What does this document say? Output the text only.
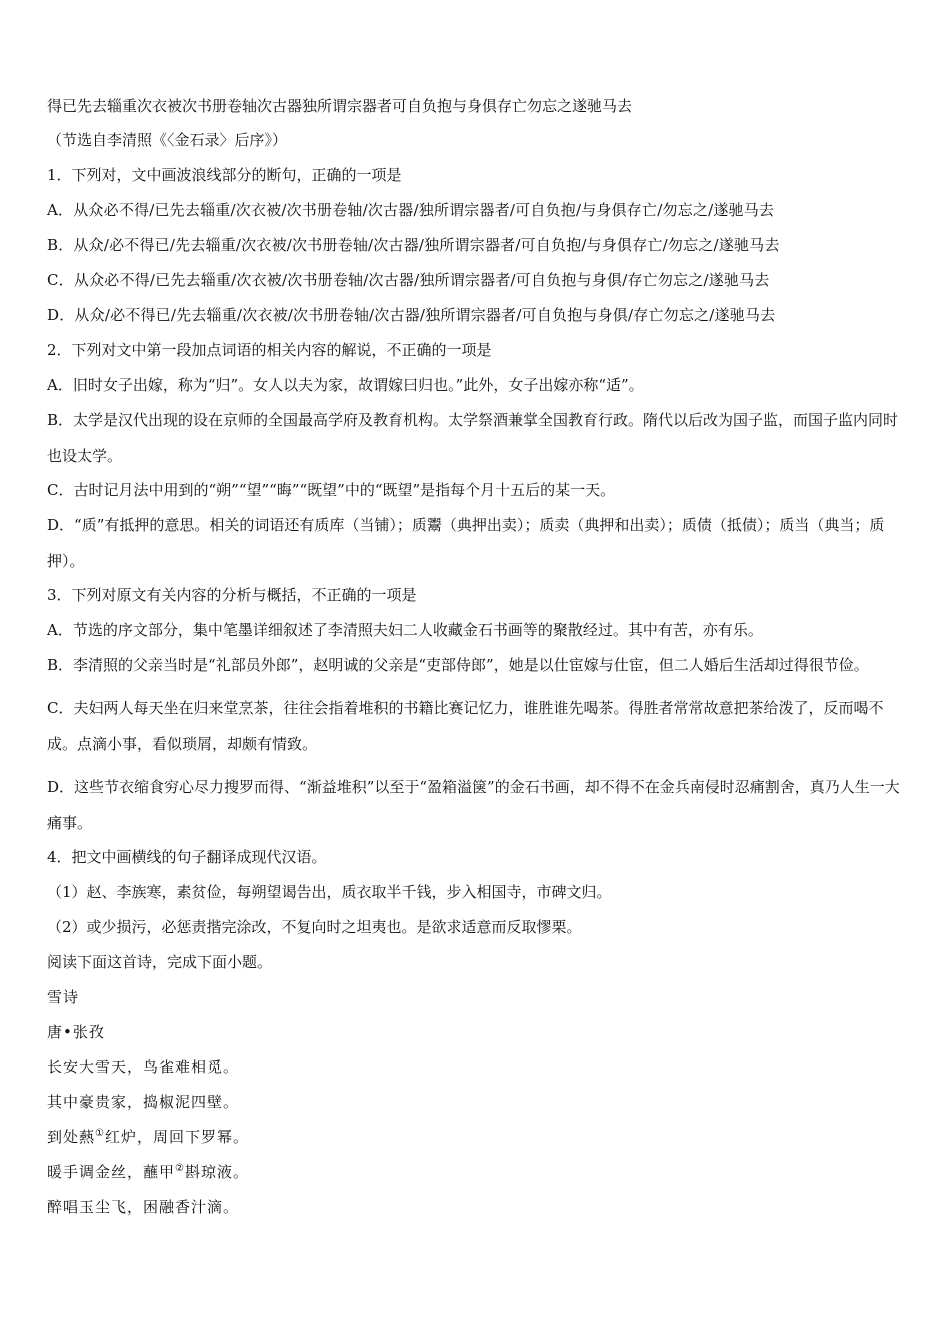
得已先去辎重次衣被次书册卷轴次古器独所谓宗器者可自负抱与身俱存亡勿忘之遂驰马去

（节选自李清照《〈金石录〉后序》）

1．下列对，文中画波浪线部分的断句，正确的一项是

A．从众必不得/已先去辎重/次衣被/次书册卷轴/次古器/独所谓宗器者/可自负抱/与身俱存亡/勿忘之/遂驰马去

B．从众/必不得已/先去辎重/次衣被/次书册卷轴/次古器/独所谓宗器者/可自负抱/与身俱存亡/勿忘之/遂驰马去

C．从众必不得/已先去辎重/次衣被/次书册卷轴/次古器/独所谓宗器者/可自负抱与身俱/存亡勿忘之/遂驰马去

D．从众/必不得已/先去辎重/次衣被/次书册卷轴/次古器/独所谓宗器者/可自负抱与身俱/存亡勿忘之/遂驰马去

2．下列对文中第一段加点词语的相关内容的解说，不正确的一项是

A．旧时女子出嫁，称为“归”。女人以夫为家，故谓嫁曰归也。”此外，女子出嫁亦称“适”。

B．太学是汉代出现的设在京师的全国最高学府及教育机构。太学祭酒兼掌全国教育行政。隋代以后改为国子监，而国子监内同时也设太学。

C．古时记月法中用到的“朔”“望”“晦”“既望”中的“既望”是指每个月十五后的某一天。

D．“质”有抵押的意思。相关的词语还有质库（当铺）；质鬻（典押出卖）；质卖（典押和出卖）；质债（抵债）；质当（典当；质押）。

3．下列对原文有关内容的分析与概括，不正确的一项是

A．节选的序文部分，集中笔墨详细叙述了李清照夫妇二人收藏金石书画等的聚散经过。其中有苦，亦有乐。

B．李清照的父亲当时是“礼部员外郎”，赵明诚的父亲是“吏部侍郎”，她是以仕宦嫁与仕宦，但二人婚后生活却过得很节俭。

C．夫妇两人每天坐在归来堂烹茶，往往会指着堆积的书籍比赛记忆力，谁胜谁先喝茶。得胜者常常故意把茶给泼了，反而喝不成。点滴小事，看似琐屑，却颇有情致。

D．这些节衣缩食穷心尽力搜罗而得、“渐益堆积”以至于“盈箱溢箧”的金石书画，却不得不在金兵南侵时忍痛割舍，真乃人生一大痛事。

4．把文中画横线的句子翻译成现代汉语。

（1）赵、李族寒，素贫俭，每朔望谒告出，质衣取半千钱，步入相国寺，市碑文归。

（2）或少损污，必惩责揩完涂改，不复向时之坦夷也。是欲求适意而反取憀栗。

阅读下面这首诗，完成下面小题。

雪诗

唐•张孜

长安大雪天，鸟雀难相觅。

其中豪贵家，捣椒泥四壁。

到处爇①红炉，周回下罗幂。

暖手调金丝，蘸甲②斟琼液。

醉唱玉尘飞，困融香汁滴。
